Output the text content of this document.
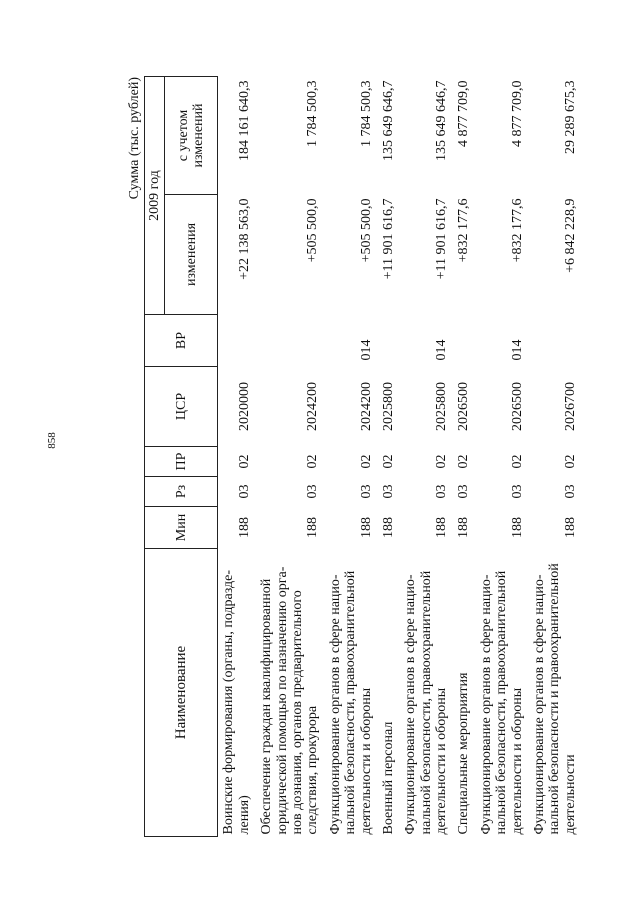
858
Сумма (тыс. рублей)
Наименование	Мин	Рз	ПР	ЦСР	ВР	2009 год	
						изменения	с учетом изменений
Воинские формирования (органы, подразде-ления)	188	03	02	2020000		+22 138 563,0	184 161 640,3
Обеспечение граждан квалифицированной юридической помощью по назначению орга-нов дознания, органов предварительного следствия, прокурора	188	03	02	2024200		+505 500,0	1 784 500,3
Функционирование органов в сфере нацио-нальной безопасности, правоохранительной деятельности и обороны	188	03	02	2024200	014	+505 500,0	1 784 500,3
Военный персонал	188	03	02	2025800		+11 901 616,7	135 649 646,7
Функционирование органов в сфере нацио-нальной безопасности, правоохранительной деятельности и обороны	188	03	02	2025800	014	+11 901 616,7	135 649 646,7
Специальные мероприятия	188	03	02	2026500		+832 177,6	4 877 709,0
Функционирование органов в сфере нацио-нальной безопасности, правоохранительной деятельности и обороны	188	03	02	2026500	014	+832 177,6	4 877 709,0
Функционирование органов в сфере нацио-нальной безопасности и правоохранительной деятельности	188	03	02	2026700		+6 842 228,9	29 289 675,3
